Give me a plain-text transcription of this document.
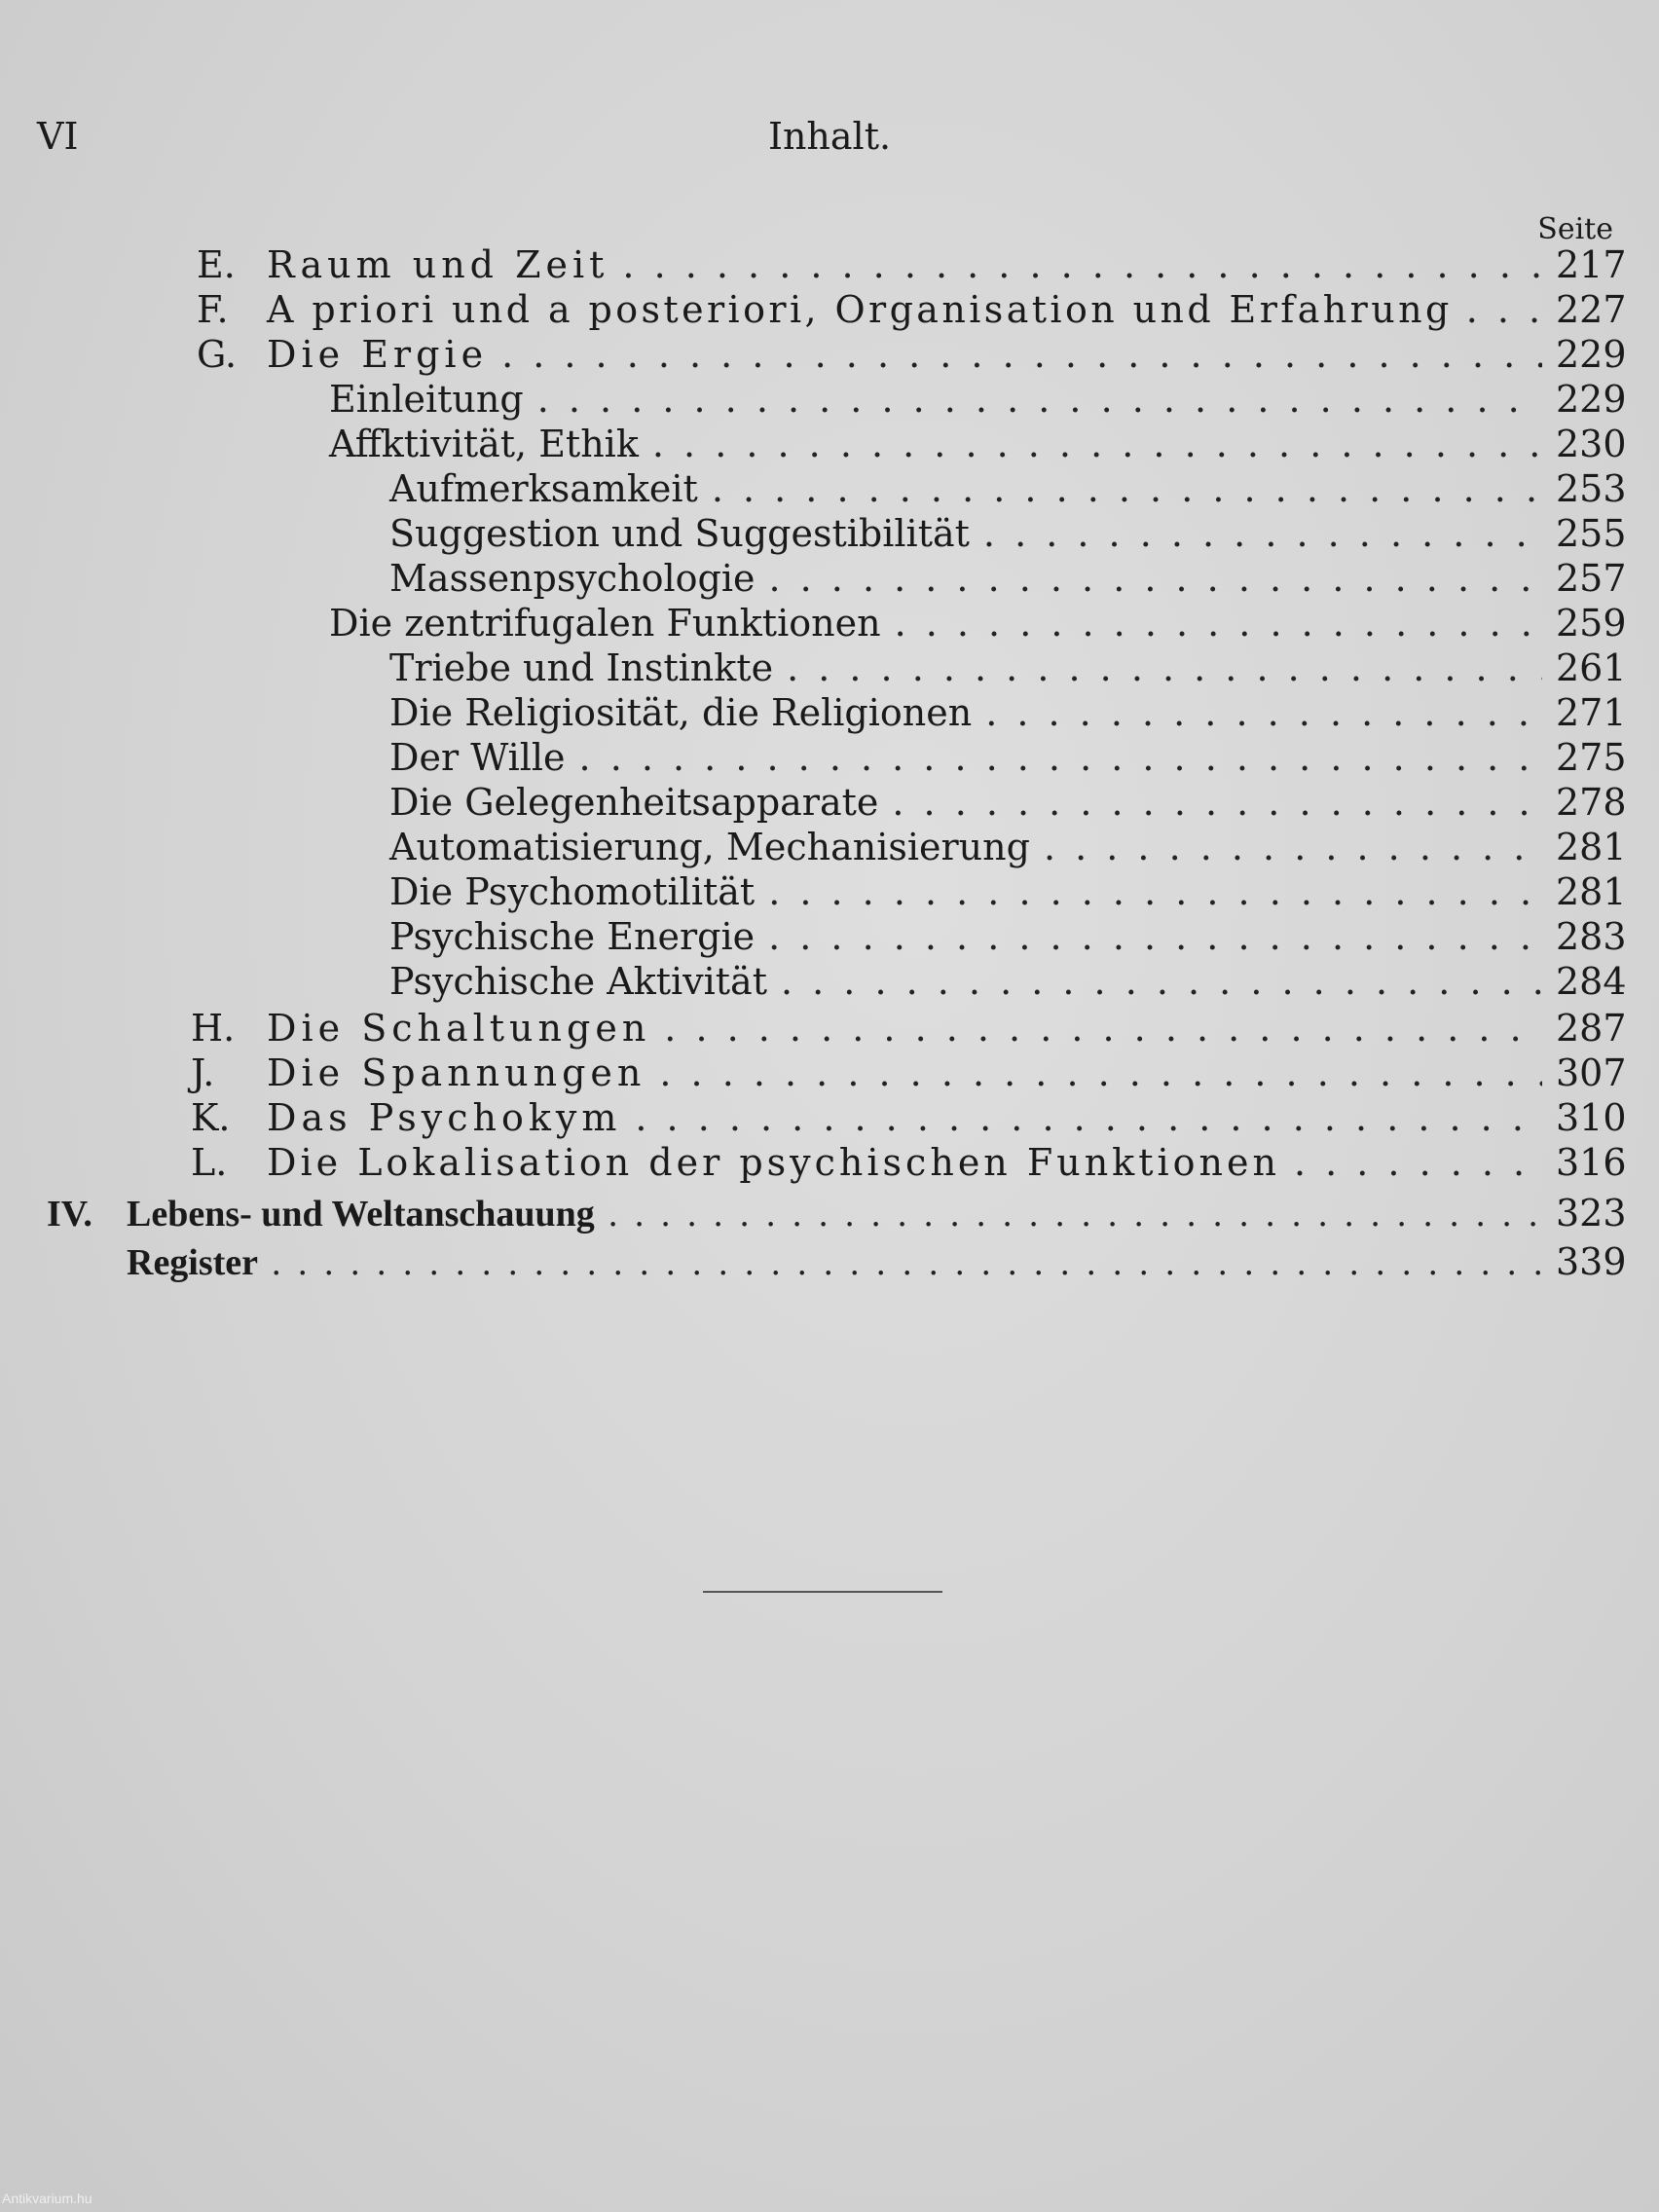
Inhalt.
VI
Seite
E. Raum und Zeit . . .	217
F. A priori und a posteriori, Organisation und Erfahrung . . .	227
G. Die Ergie . . .	229
Einleitung . . .	229
Affktivität, Ethik . . .	230
Aufmerksamkeit . . .	253
Suggestion und Suggestibilität . . .	255
Massenpsychologie . . .	257
Die zentrifugalen Funktionen . . .	259
Triebe und Instinkte . . .	261
Die Religiosität, die Religionen . . .	271
Der Wille . . .	275
Die Gelegenheitsapparate . . .	278
Automatisierung, Mechanisierung . . .	281
Die Psychomotilität . . .	281
Psychische Energie . . .	283
Psychische Aktivität . . .	284
H. Die Schaltungen . . .	287
J. Die Spannungen . . .	307
K. Das Psychokym . . .	310
L. Die Lokalisation der psychischen Funktionen . . .	316
IV. Lebens- und Weltanschauung . . .	323
Register . . .	339
Antikvarium.hu
